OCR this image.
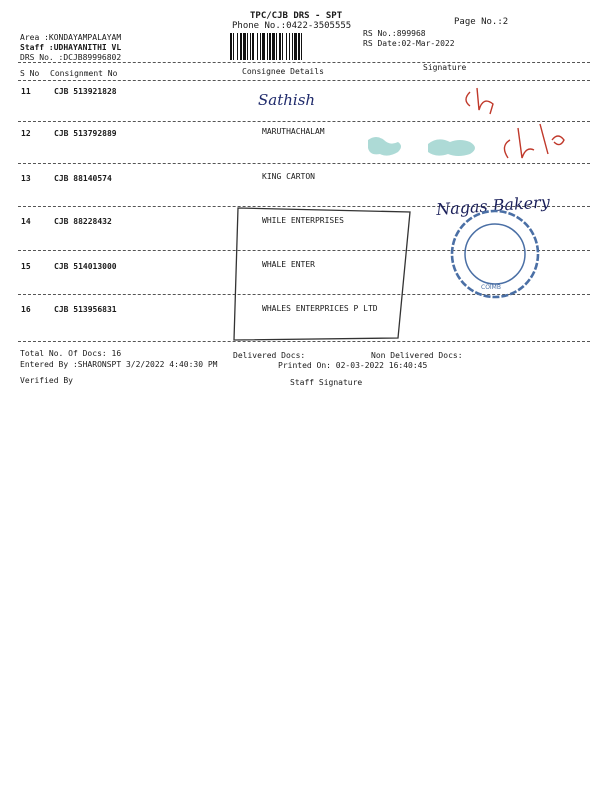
TPC/CJB DRS - SPT
Phone No.:0422-3505555	Page No.:2
Area :KONDAYAMPALAYAM
Staff :UDHAYANITHI VL
DRS No. :DCJB89996802
RS No.:899968
RS Date:02-Mar-2022
S No Consignment No	Consignee Details	Signature
11	CJB 513921828
12	CJB 513792889	MARUTHACHALAM
13	CJB 88140574	KING CARTON
14	CJB 88228432	WHILE ENTERPRISES
15	CJB 514013000	WHALE ENTER
16	CJB 513956831	WHALES ENTERPRICES P LTD
Sathish
Nagas Bakery
COIMB
Total No. Of Docs: 16	Delivered Docs:	Non Delivered Docs:
Entered By :SHARONSPT 3/2/2022 4:40:30 PM	Printed On: 02-03-2022 16:40:45
Verified By	Staff Signature
